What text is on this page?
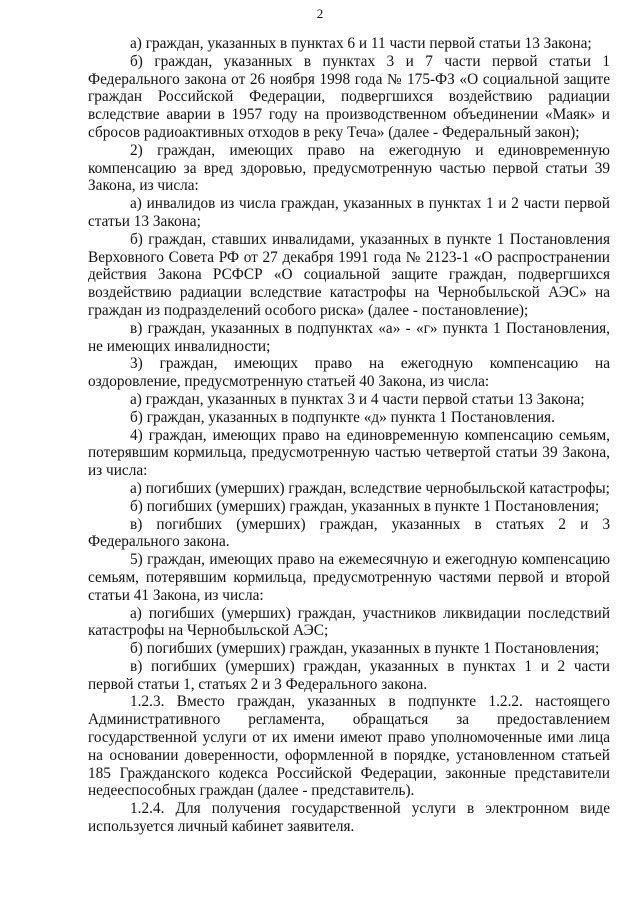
2

а) граждан, указанных в пунктах 6 и 11 части первой статьи 13 Закона;

б) граждан, указанных в пунктах 3 и 7 части первой статьи 1 Федерального закона от 26 ноября 1998 года № 175-ФЗ «О социальной защите граждан Российской Федерации, подвергшихся воздействию радиации вследствие аварии в 1957 году на производственном объединении «Маяк» и сбросов радиоактивных отходов в реку Теча» (далее - Федеральный закон);

2) граждан, имеющих право на ежегодную и единовременную компенсацию за вред здоровью, предусмотренную частью первой статьи 39 Закона, из числа:

а) инвалидов из числа граждан, указанных в пунктах 1 и 2 части первой статьи 13 Закона;

б) граждан, ставших инвалидами, указанных в пункте 1 Постановления Верховного Совета РФ от 27 декабря 1991 года № 2123-1 «О распространении действия Закона РСФСР «О социальной защите граждан, подвергшихся воздействию радиации вследствие катастрофы на Чернобыльской АЭС» на граждан из подразделений особого риска» (далее - постановление);

в) граждан, указанных в подпунктах «а» - «г» пункта 1 Постановления, не имеющих инвалидности;

3) граждан, имеющих право на ежегодную компенсацию на оздоровление, предусмотренную статьей 40 Закона, из числа:

а) граждан, указанных в пунктах 3 и 4 части первой статьи 13 Закона;

б) граждан, указанных в подпункте «д» пункта 1 Постановления.

4) граждан, имеющих право на единовременную компенсацию семьям, потерявшим кормильца, предусмотренную частью четвертой статьи 39 Закона, из числа:

а) погибших (умерших) граждан, вследствие чернобыльской катастрофы;

б) погибших (умерших) граждан, указанных в пункте 1 Постановления;

в) погибших (умерших) граждан, указанных в статьях 2 и 3 Федерального закона.

5) граждан, имеющих право на ежемесячную и ежегодную компенсацию семьям, потерявшим кормильца, предусмотренную частями первой и второй статьи 41 Закона, из числа:

а) погибших (умерших) граждан, участников ликвидации последствий катастрофы на Чернобыльской АЭС;

б) погибших (умерших) граждан, указанных в пункте 1 Постановления;

в) погибших (умерших) граждан, указанных в пунктах 1 и 2 части первой статьи 1, статьях 2 и 3 Федерального закона.

1.2.3. Вместо граждан, указанных в подпункте 1.2.2. настоящего Административного регламента, обращаться за предоставлением государственной услуги от их имени имеют право уполномоченные ими лица на основании доверенности, оформленной в порядке, установленном статьей 185 Гражданского кодекса Российской Федерации, законные представители недееспособных граждан (далее - представитель).

1.2.4. Для получения государственной услуги в электронном виде используется личный кабинет заявителя.
